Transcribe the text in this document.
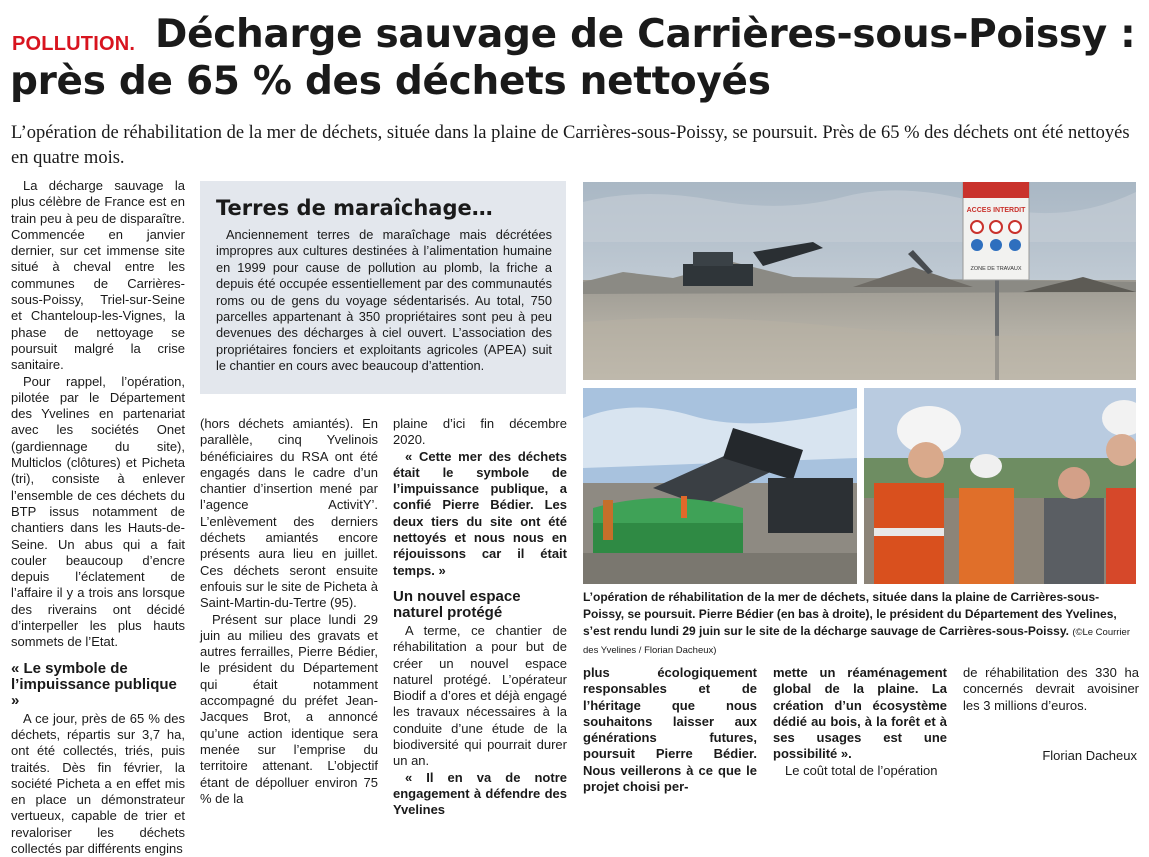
Décharge sauvage de Carrières-sous-Poissy : près de 65 % des déchets nettoyés
POLLUTION.

L’opération de réhabilitation de la mer de déchets, située dans la plaine de Carrières-sous-Poissy, se poursuit. Près de 65 % des déchets ont été nettoyés en quatre mois.

La décharge sauvage la plus célèbre de France est en train peu à peu de disparaître. Commencée en janvier dernier, sur cet immense site situé à cheval entre les communes de Carrières-sous-Poissy, Triel-sur-Seine et Chanteloup-les-Vignes, la phase de nettoyage se poursuit malgré la crise sanitaire.

Pour rappel, l’opération, pilotée par le Département des Yvelines en partenariat avec les sociétés Onet (gardiennage du site), Multiclos (clôtures) et Picheta (tri), consiste à enlever l’ensemble de ces déchets du BTP issus notamment de chantiers dans les Hauts-de-Seine. Un abus qui a fait couler beaucoup d’encre depuis l’éclatement de l’affaire il y a trois ans lorsque des riverains ont décidé d’interpeller les plus hauts sommets de l’Etat.

« Le symbole de l’impuissance publique »

A ce jour, près de 65 % des déchets, répartis sur 3,7 ha, ont été collectés, triés, puis traités. Dès fin février, la société Picheta a en effet mis en place un démonstrateur vertueux, capable de trier et revaloriser les déchets collectés par différents engins

Terres de maraîchage…

Anciennement terres de maraîchage mais décrétées impropres aux cultures destinées à l’alimentation humaine en 1999 pour cause de pollution au plomb, la friche a depuis été occupée essentiellement par des communautés roms ou de gens du voyage sédentarisés. Au total, 750 parcelles appartenant à 350 propriétaires sont peu à peu devenues des décharges à ciel ouvert. L’association des propriétaires fonciers et exploitants agricoles (APEA) suit le chantier en cours avec beaucoup d’attention.

(hors déchets amiantés). En parallèle, cinq Yvelinois bénéficiaires du RSA ont été engagés dans le cadre d’un chantier d’insertion mené par l’agence ActivitY’. L’enlèvement des derniers déchets amiantés encore présents aura lieu en juillet. Ces déchets seront ensuite enfouis sur le site de Picheta à Saint-Martin-du-Tertre (95).

Présent sur place lundi 29 juin au milieu des gravats et autres ferrailles, Pierre Bédier, le président du Département qui était notamment accompagné du préfet Jean-Jacques Brot, a annoncé qu’une action identique sera menée sur l’emprise du territoire attenant. L’objectif étant de dépolluer environ 75 % de la

plaine d’ici fin décembre 2020.

« Cette mer des déchets était le symbole de l’impuissance publique, a confié Pierre Bédier. Les deux tiers du site ont été nettoyés et nous nous en réjouissons car il était temps. »

Un nouvel espace naturel protégé

A terme, ce chantier de réhabilitation a pour but de créer un nouvel espace naturel protégé. L’opérateur Biodif a d’ores et déjà engagé les travaux nécessaires à la conduite d’une étude de la biodiversité qui pourrait durer un an.

« Il en va de notre engagement à défendre des Yvelines

ACCES INTERDIT
ZONE DE TRAVAUX
L’opération de réhabilitation de la mer de déchets, située dans la plaine de Carrières-sous-Poissy, se poursuit. Pierre Bédier (en bas à droite), le président du Département des Yvelines, s’est rendu lundi 29 juin sur le site de la décharge sauvage de Carrières-sous-Poissy. (©Le Courrier des Yvelines / Florian Dacheux)

plus écologiquement responsables et de l’héritage que nous souhaitons laisser aux générations futures, poursuit Pierre Bédier. Nous veillerons à ce que le projet choisi per-

mette un réaménagement global de la plaine. La création d’un écosystème dédié au bois, à la forêt et à ses usages est une possibilité ».

Le coût total de l’opération

de réhabilitation des 330 ha concernés devrait avoisiner les 3 millions d’euros.

Florian Dacheux
